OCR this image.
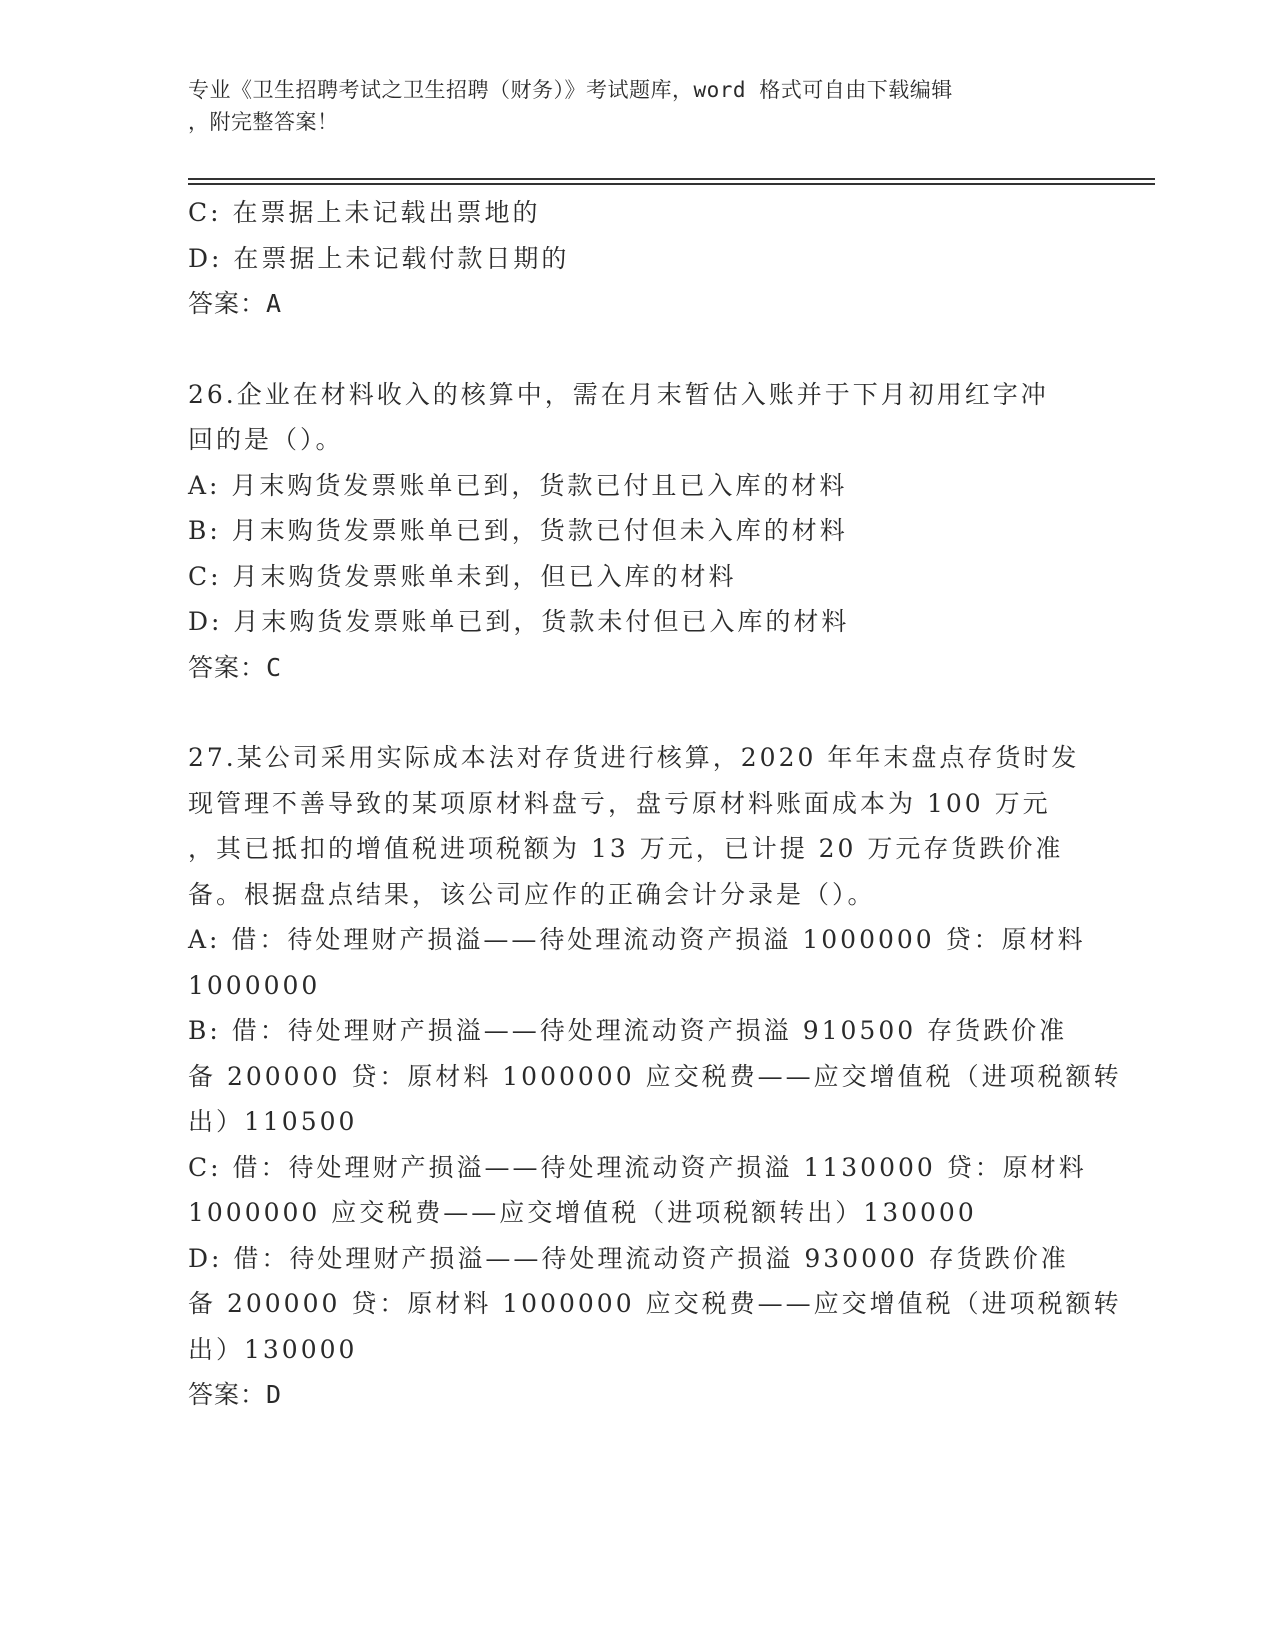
专业《卫生招聘考试之卫生招聘（财务）》考试题库，word 格式可自由下载编辑
，附完整答案！
C: 在票据上未记载出票地的
D: 在票据上未记载付款日期的
答案：A
26.企业在材料收入的核算中，需在月末暂估入账并于下月初用红字冲
回的是（）。
A: 月末购货发票账单已到，货款已付且已入库的材料
B: 月末购货发票账单已到，货款已付但未入库的材料
C: 月末购货发票账单未到，但已入库的材料
D: 月末购货发票账单已到，货款未付但已入库的材料
答案：C
27.某公司采用实际成本法对存货进行核算，2020 年年末盘点存货时发
现管理不善导致的某项原材料盘亏，盘亏原材料账面成本为 100 万元
，其已抵扣的增值税进项税额为 13 万元，已计提 20 万元存货跌价准
备。根据盘点结果，该公司应作的正确会计分录是（）。
A: 借：待处理财产损溢——待处理流动资产损溢 1000000 贷：原材料
1000000
B: 借：待处理财产损溢——待处理流动资产损溢 910500 存货跌价准
备 200000 贷：原材料 1000000 应交税费——应交增值税（进项税额转
出）110500
C: 借：待处理财产损溢——待处理流动资产损溢 1130000 贷：原材料
1000000 应交税费——应交增值税（进项税额转出）130000
D: 借：待处理财产损溢——待处理流动资产损溢 930000 存货跌价准
备 200000 贷：原材料 1000000 应交税费——应交增值税（进项税额转
出）130000
答案：D
